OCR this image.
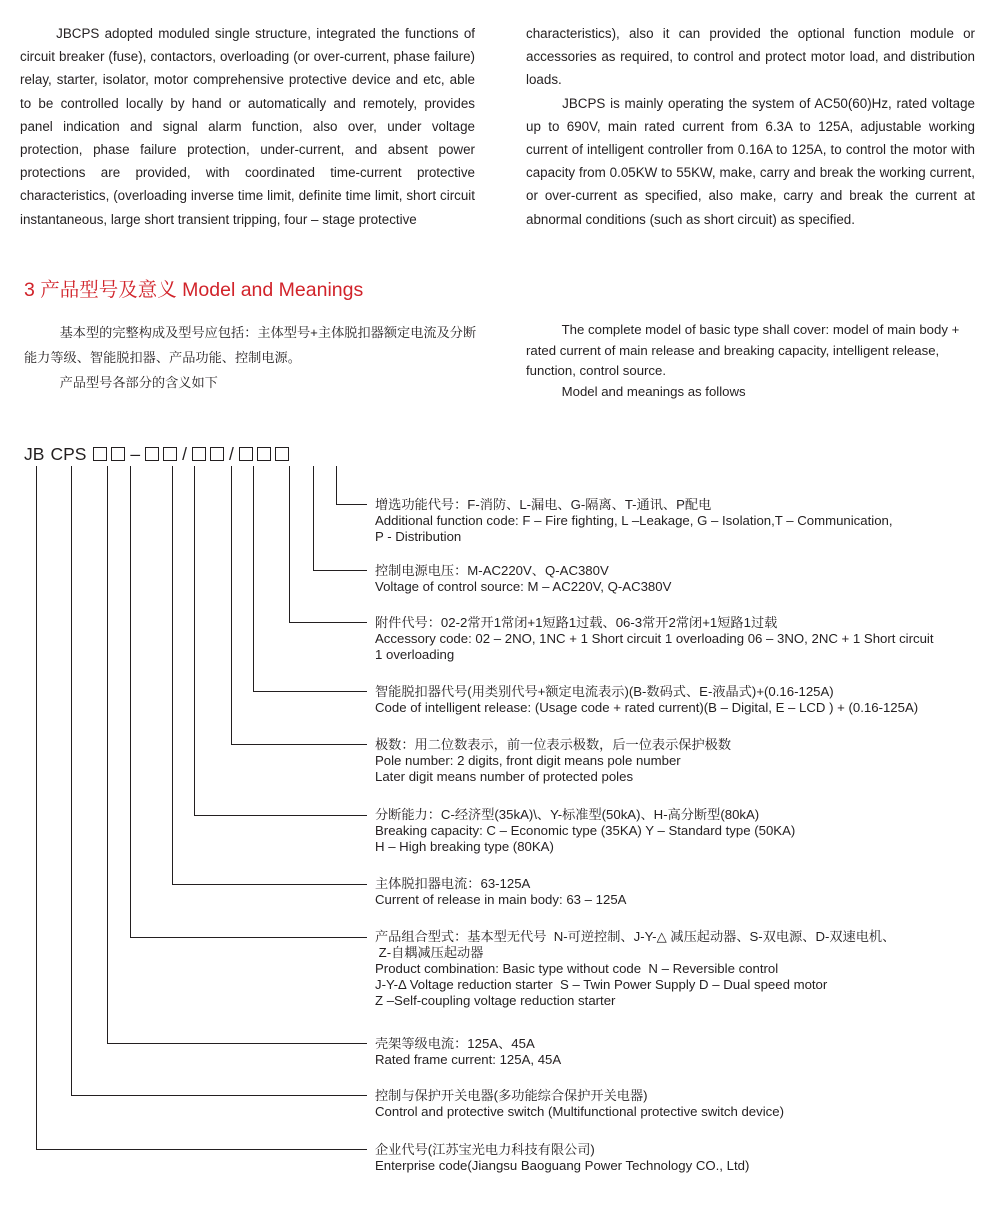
JBCPS adopted moduled single structure, integrated the functions of circuit breaker (fuse), contactors, overloading (or over-current, phase failure) relay, starter, isolator, motor comprehensive protective device and etc, able to be controlled locally by hand or automatically and remotely, provides panel indication and signal alarm function, also over, under voltage protection, phase failure protection, under-current, and absent power protections are provided, with coordinated time-current protective characteristics, (overloading inverse time limit, definite time limit, short circuit instantaneous, large short transient tripping, four – stage protective

characteristics), also it can provided the optional function module or accessories as required, to control and protect motor load, and distribution loads.

JBCPS is mainly operating the system of AC50(60)Hz, rated voltage up to 690V, main rated current from 6.3A to 125A, adjustable working current of intelligent controller from 0.16A to 125A, to control the motor with capacity from 0.05KW to 55KW, make, carry and break the working current, or over-current as specified, also make, carry and break the current at abnormal conditions (such as short circuit) as specified.

3 产品型号及意义 Model and Meanings

基本型的完整构成及型号应包括：主体型号+主体脱扣器额定电流及分断能力等级、智能脱扣器、产品功能、控制电源。

产品型号各部分的含义如下

The complete model of basic type shall cover: model of main body + rated current of main release and breaking capacity, intelligent release, function, control source.

Model and meanings as follows

JB CPS	– / /

增选功能代号：F-消防、L-漏电、G-隔离、T-通讯、P配电

Additional function code: F – Fire fighting, L –Leakage, G – Isolation,T – Communication,

P - Distribution

控制电源电压：M-AC220V、Q-AC380V

Voltage of control source: M – AC220V, Q-AC380V

附件代号：02-2常开1常闭+1短路1过载、06-3常开2常闭+1短路1过载

Accessory code: 02 – 2NO, 1NC + 1 Short circuit 1 overloading 06 – 3NO, 2NC + 1 Short circuit

1 overloading

智能脱扣器代号(用类别代号+额定电流表示)(B-数码式、E-液晶式)+(0.16-125A)

Code of intelligent release: (Usage code + rated current)(B – Digital, E – LCD ) + (0.16-125A)

极数：用二位数表示，前一位表示极数，后一位表示保护极数

Pole number: 2 digits, front digit means pole number

Later digit means number of protected poles

分断能力：C-经济型(35kA)\、Y-标准型(50kA)、H-高分断型(80kA)

Breaking capacity: C – Economic type (35KA) Y – Standard type (50KA)

H – High breaking type (80KA)

主体脱扣器电流：63-125A

Current of release in main body: 63 – 125A

产品组合型式：基本型无代号  N-可逆控制、J-Y-△ 减压起动器、S-双电源、D-双速电机、

Z-自耦减压起动器

Product combination: Basic type without code  N – Reversible control

J-Y-Δ Voltage reduction starter  S – Twin Power Supply D – Dual speed motor

Z –Self-coupling voltage reduction starter

壳架等级电流：125A、45A

Rated frame current: 125A, 45A

控制与保护开关电器(多功能综合保护开关电器)

Control and protective switch (Multifunctional protective switch device)

企业代号(江苏宝光电力科技有限公司)

Enterprise code(Jiangsu Baoguang Power Technology CO., Ltd)
